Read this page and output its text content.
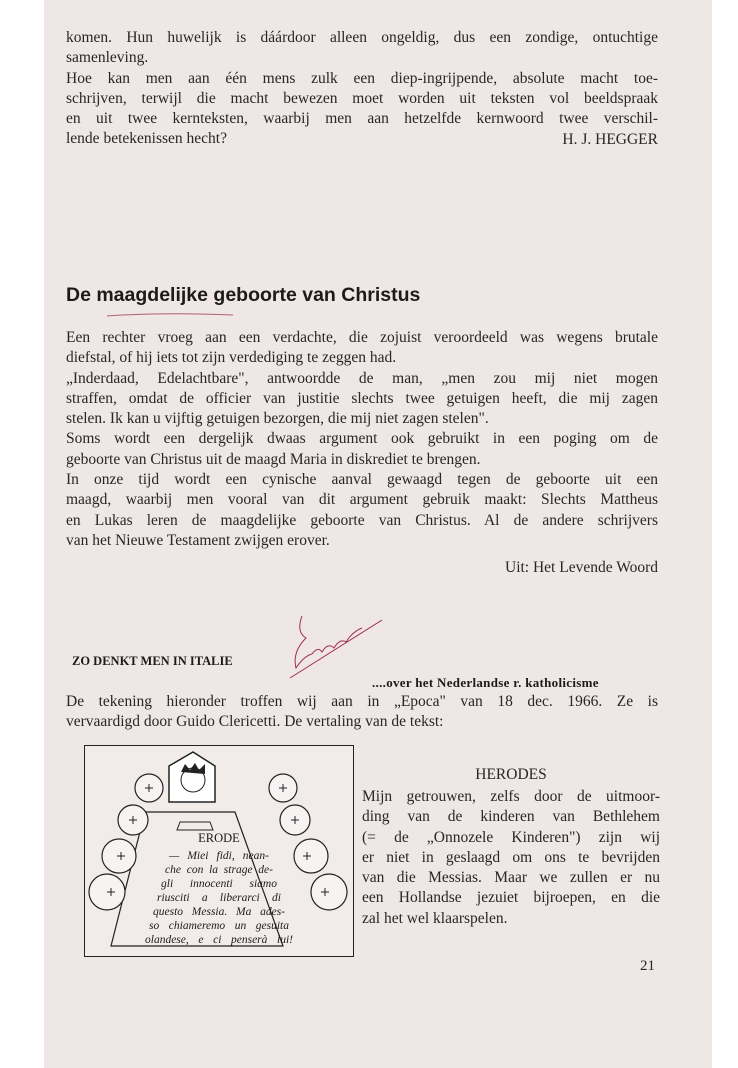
komen. Hun huwelijk is dáárdoor alleen ongeldig, dus een zondige, ontuchtige
samenleving.
Hoe kan men aan één mens zulk een diep-ingrijpende, absolute macht toe-
schrijven, terwijl die macht bewezen moet worden uit teksten vol beeldspraak
en uit twee kernteksten, waarbij men aan hetzelfde kernwoord twee verschil-
lende betekenissen hecht?	H. J. HEGGER
De maagdelijke geboorte van Christus
Een rechter vroeg aan een verdachte, die zojuist veroordeeld was wegens brutale
diefstal, of hij iets tot zijn verdediging te zeggen had.
„Inderdaad, Edelachtbare", antwoordde de man, „men zou mij niet mogen
straffen, omdat de officier van justitie slechts twee getuigen heeft, die mij zagen
stelen. Ik kan u vijftig getuigen bezorgen, die mij niet zagen stelen".
Soms wordt een dergelijk dwaas argument ook gebruikt in een poging om de
geboorte van Christus uit de maagd Maria in diskrediet te brengen.
In onze tijd wordt een cynische aanval gewaagd tegen de geboorte uit een
maagd, waarbij men vooral van dit argument gebruik maakt: Slechts Mattheus
en Lukas leren de maagdelijke geboorte van Christus. Al de andere schrijvers
van het Nieuwe Testament zwijgen erover.
Uit: Het Levende Woord
ZO DENKT MEN IN ITALIE
....over het Nederlandse r. katholicisme
De tekening hieronder troffen wij aan in „Epoca" van 18 dec. 1966. Ze is
vervaardigd door Guido Clericetti. De vertaling van de tekst:
ERODE
— Miei fidi, nean-
che con la strage de-
gli innocenti siamo
riusciti a liberarci di
questo Messia. Ma ades-
so chiameremo un gesuita
olandese, e ci penserà lui!
HERODES
Mijn getrouwen, zelfs door de uitmoor-
ding van de kinderen van Bethlehem
(= de „Onnozele Kinderen") zijn wij
er niet in geslaagd om ons te bevrijden
van die Messias. Maar we zullen er nu
een Hollandse jezuiet bijroepen, en die
zal het wel klaarspelen.
21
